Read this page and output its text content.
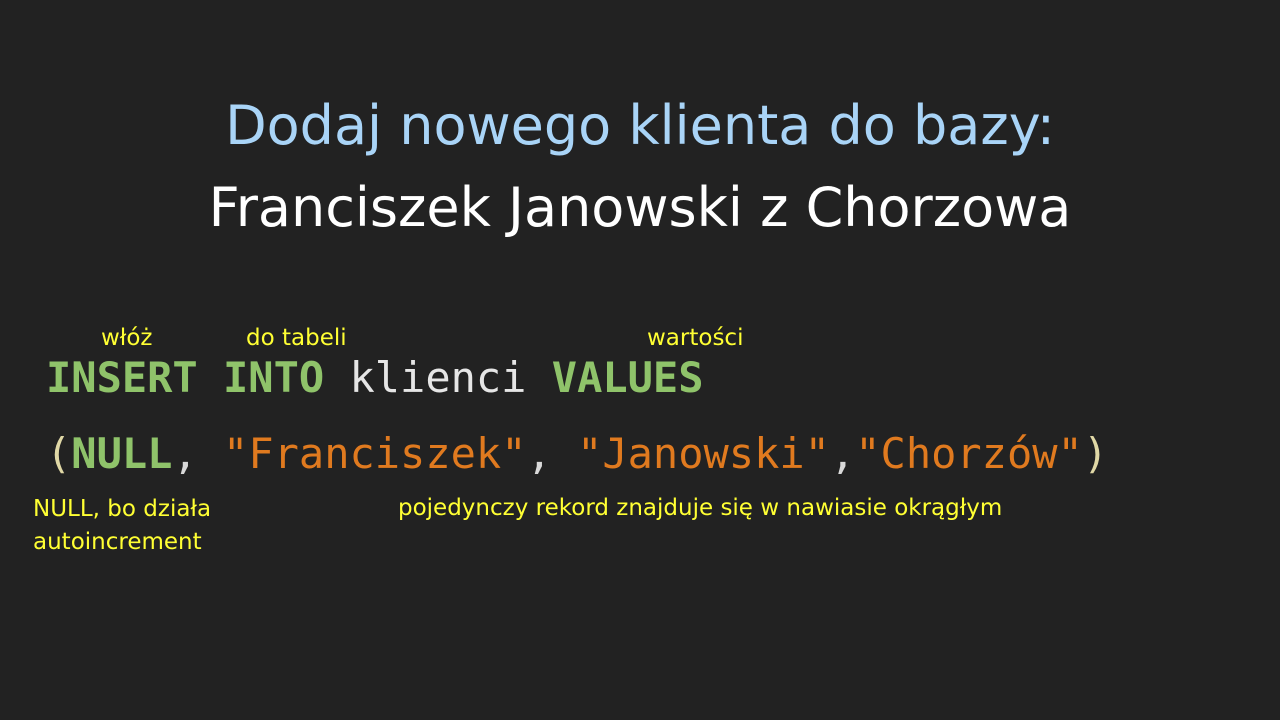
Dodaj nowego klienta do bazy:
Franciszek Janowski z Chorzowa
włóż	do tabeli	wartości
INSERT INTO klienci VALUES
(NULL, "Franciszek", "Janowski","Chorzów")
NULL, bo działa
autoincrement
pojedynczy rekord znajduje się w nawiasie okrągłym
